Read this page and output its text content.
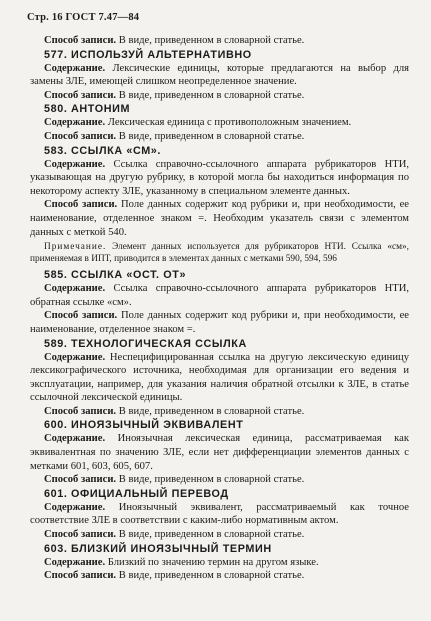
Стр. 16 ГОСТ 7.47—84

Способ записи. В виде, приведенном в словарной статье.

577. ИСПОЛЬЗУЙ АЛЬТЕРНАТИВНО

Содержание. Лексические единицы, которые предлагаются на выбор для замены ЗЛЕ, имеющей слишком неопределенное значение.

Способ записи. В виде, приведенном в словарной статье.

580. АНТОНИМ

Содержание. Лексическая единица с противоположным значением.

Способ записи. В виде, приведенном в словарной статье.

583. ССЫЛКА «СМ».

Содержание. Ссылка справочно-ссылочного аппарата рубрикаторов НТИ, указывающая на другую рубрику, в которой могла бы находиться информация по некоторому аспекту ЗЛЕ, указанному в специальном элементе данных.

Способ записи. Поле данных содержит код рубрики и, при необходимости, ее наименование, отделенное знаком =. Необходим указатель связи с элементом данных с меткой 540.

Примечание. Элемент данных используется для рубрикаторов НТИ. Ссылка «см», применяемая в ИПТ, приводится в элементах данных с метками 590, 594, 596

585. ССЫЛКА «ОСТ. ОТ»

Содержание. Ссылка справочно-ссылочного аппарата рубрикаторов НТИ, обратная ссылке «см».

Способ записи. Поле данных содержит код рубрики и, при необходимости, ее наименование, отделенное знаком =.

589. ТЕХНОЛОГИЧЕСКАЯ ССЫЛКА

Содержание. Неспецифицированная ссылка на другую лексическую единицу лексикографического источника, необходимая для организации его ведения и эксплуатации, например, для указания наличия обратной отсылки к ЗЛЕ, в статье ссылочной лексической единицы.

Способ записи. В виде, приведенном в словарной статье.

600. ИНОЯЗЫЧНЫЙ ЭКВИВАЛЕНТ

Содержание. Иноязычная лексическая единица, рассматриваемая как эквивалентная по значению ЗЛЕ, если нет дифференциации элементов данных с метками 601, 603, 605, 607.

Способ записи. В виде, приведенном в словарной статье.

601. ОФИЦИАЛЬНЫЙ ПЕРЕВОД

Содержание. Иноязычный эквивалент, рассматриваемый как точное соответствие ЗЛЕ в соответствии с каким-либо нормативным актом.

Способ записи. В виде, приведенном в словарной статье.

603. БЛИЗКИЙ ИНОЯЗЫЧНЫЙ ТЕРМИН

Содержание. Близкий по значению термин на другом языке.

Способ записи. В виде, приведенном в словарной статье.
